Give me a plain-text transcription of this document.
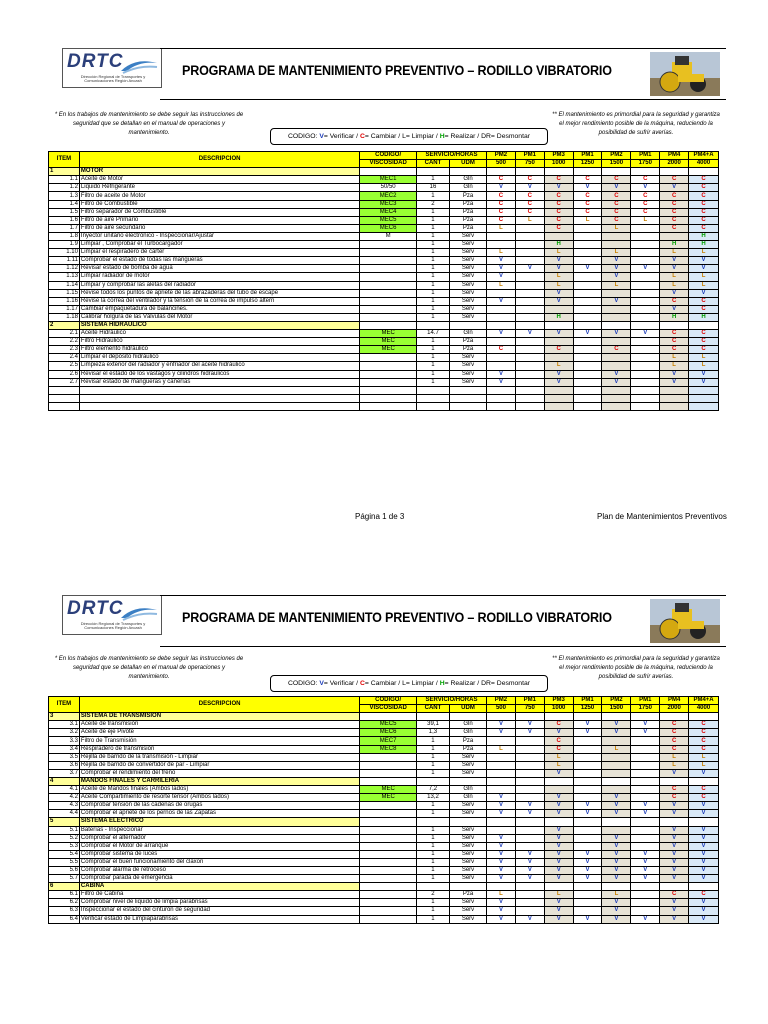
DRTC
Dirección Regional de Transportes y Comunicaciones Región Ancash
PROGRAMA DE MANTENIMIENTO PREVENTIVO – RODILLO VIBRATORIO
* En los trabajos de mantenimiento se debe seguir las instrucciones de seguridad que se detallan en el manual de operaciones y mantenimiento.
** El mantenimiento es primordial para la seguridad y garantiza el mejor rendimiento posible de la máquina, reduciendo la posibilidad de sufrir averías.
CODIGO: V= Verificar / C= Cambiar / L= Limpiar / H= Realizar / DR= Desmontar
ITEM	DESCRIPCION	CODIGO/	SERVICIO/HORAS		PM2	PM1	PM3	PM1	PM2	PM1	PM4	PM4+A
		VISCOSIDAD	CANT	UDM	500	750	1000	1250	1500	1750	2000	4000
1	MOTOR											
1.1	Aceite de Motor	MEC1	1	Gln	C	C	C	C	C	C	C	C
1.2	Liquido Refrigerante	50/50	16	Gln	V	V	V	V	V	V	V	C
1.3	Filtro de aceite de Motor	MEC2	1	Pza	C	C	C	C	C	C	C	C
1.4	Filtro de Combustible	MEC3	2	Pza	C	C	C	C	C	C	C	C
1.5	Filtro separador de Combustible	MEC4	1	Pza	C	C	C	C	C	C	C	C
1.6	Filtro de aire Primario	MEC5	1	Pza	C	L	C	L	C	L	C	C
1.7	Filtro de aire secundario	MEC6	1	Pza	L		C		L		C	C
1.8	Inyector unitario electrónico - Inspeccionar/Ajustar	M	1	Serv								H
1.9	Limpiar , Comprobar el Turbocargador		1	Serv			H				H	H
1.10	Limpiar el respiradero de carter		1	Serv	L		L		L		L	L
1.11	Comprobar el estado de todas las mangueras		1	Serv	V		V		V		V	V
1.12	Revisar estado de bomba de agua		1	Serv	V	V	V	V	V	V	V	V
1.13	Limpiar radiador de motor		1	Serv	V		L		V		L	L
1.14	Limpiar y comprobar las aletas del radiador		1	Serv	L		L		L		L	L
1.15	Revise todos los puntos de apriete de las abrazaderas del tubo de escape		1	Serv			V				V	V
1.16	Revise la correa del ventilador y la tensión de la correa de impulso altern		1	Serv	V		V		V		C	C
1.17	Cambiar empaquetadura de balancines.		1	Serv							V	C
1.18	Calibrar holgura de las Válvulas del Motor		1	Serv			H				H	H
2	SISTEMA HIDRAULICO											
2.1	Aceite Hidráulico	MEC	14.7	Gln	V	V	V	V	V	V	C	C
2.2	Filtro Hidráulico	MEC	1	Pza							C	C
2.3	Filtro elemento hidráulico	MEC	1	Pza	C		C		C		C	C
2.4	Limpiar el depósito hidráulico		1	Serv							L	L
2.5	Limpieza exterior del radiador y enfriador del aceite hidráulico		1	Serv			L				L	L
2.6	Revisar el estado de los vástagos y cilindros hidráulicos		1	Serv	V		V		V		V	V
2.7	Revisar estado de mangueras y cañerías		1	Serv	V		V		V		V	V

Página 1 de 3	Plan de Mantenimientos Preventivos
DRTC
Dirección Regional de Transportes y Comunicaciones Región Ancash
PROGRAMA DE MANTENIMIENTO PREVENTIVO – RODILLO VIBRATORIO
* En los trabajos de mantenimiento se debe seguir las instrucciones de seguridad que se detallan en el manual de operaciones y mantenimiento.
** El mantenimiento es primordial para la seguridad y garantiza el mejor rendimiento posible de la máquina, reduciendo la posibilidad de sufrir averías.
CODIGO: V= Verificar / C= Cambiar / L= Limpiar / H= Realizar / DR= Desmontar
ITEM	DESCRIPCION	CODIGO/	SERVICIO/HORAS		PM2	PM1	PM3	PM1	PM2	PM1	PM4	PM4+A
		VISCOSIDAD	CANT	UDM	500	750	1000	1250	1500	1750	2000	4000
3	SISTEMA DE TRANSMISION											
3.1	Aceite de transmisión	MEC5	39,1	Gln	V	V	C	V	V	V	C	C
3.2	Aceite de eje Pivote	MEC6	1,3	Gln	V	V	V	V	V	V	C	C
3.3	Filtro de Transmisión	MEC7	1	Pza			C				C	C
3.4	Respiradero de transmisión	MEC8	1	Pza	L		C		L		C	C
3.5	Rejilla de barrido de la transmisión - Limpiar		1	Serv			L				L	L
3.6	Rejilla de barrido de convertidor de par - Limpiar		1	Serv			L				L	L
3.7	Comprobar el rendimiento del freno		1	Serv			V				V	V
4	MANDOS FINALES Y CARRILERIA											
4.1	Aceite de Mandos finales (Ambos lados)	MEC	7,2	Gln							C	C
4.2	Aceite Compartimiento de resorte tensor (Ambos lados)	MEC	13,2	Gln	V		V		V		C	C
4.3	Comprobar tensión de las cadenas de orugas		1	Serv	V	V	V	V	V	V	V	V
4.4	Comprobar el apriete de los pernos de las Zapatas		1	Serv	V	V	V	V	V	V	V	V
5	SISTEMA ELECTRICO											
5.1	Baterías - Inspeccionar		1	Serv			V				V	V
5.2	Comprobar el alternador		1	Serv	V		V		V		V	V
5.3	Comprobar el Motor de arranque		1	Serv	V		V		V		V	V
5.4	Comprobar sistema de luces		1	Serv	V	V	V	V	V	V	V	V
5.5	Comprobar el buen funcionamiento del claxon		1	Serv	V	V	V	V	V	V	V	V
5.6	Comprobar alarma de retroceso		1	Serv	V	V	V	V	V	V	V	V
5.7	Comprobar parada de emergencia		1	Serv	V	V	V	V	V	V	V	V
6	CABINA											
6.1	Filtro de Cabina		2	Pza	L		L		L		C	C
6.2	Comprobar nivel de liquido de limpia parabrisas		1	Serv	V		V		V		V	V
6.3	Inspeccionar el estado del cinturón de seguridad		1	Serv	V		V		V		V	V
6.4	Verificar estado de Limpiaparabrisas		1	Serv	V	V	V	V	V	V	V	V
